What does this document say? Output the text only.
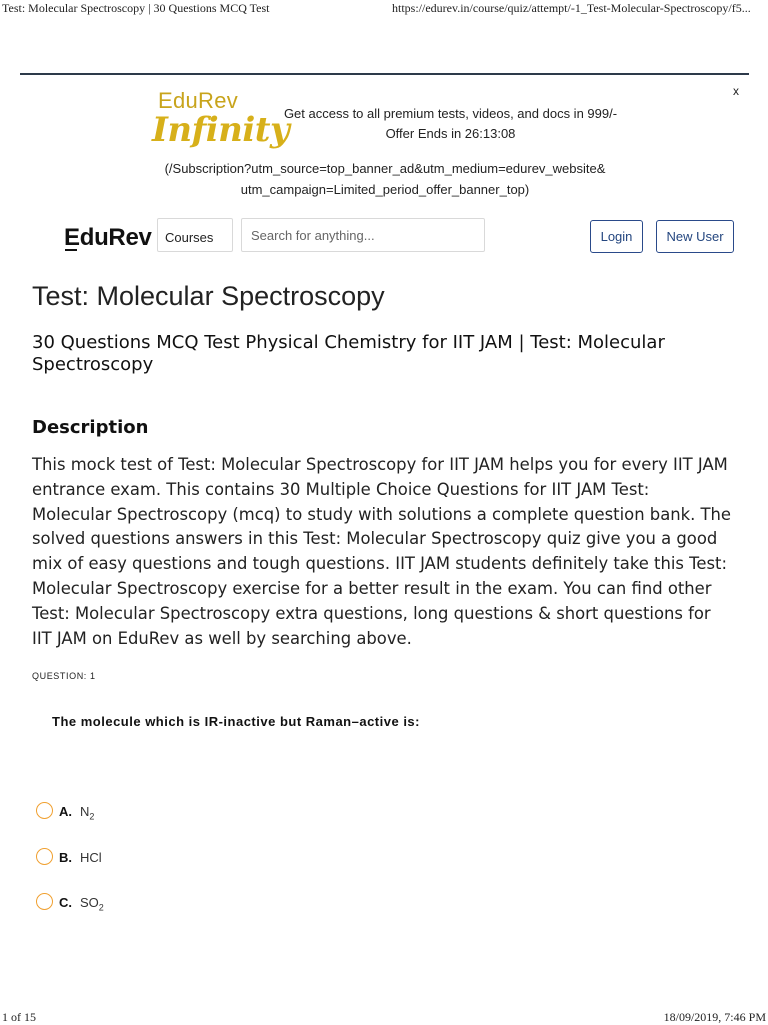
Test: Molecular Spectroscopy | 30 Questions MCQ Test	https://edurev.in/course/quiz/attempt/-1_Test-Molecular-Spectroscopy/f5...
EduRev
Infinity
Get access to all premium tests, videos, and docs in 999/-
Offer Ends in 26:13:08
(/Subscription?utm_source=top_banner_ad&utm_medium=edurev_website&
utm_campaign=Limited_period_offer_banner_top)
x
EduRev	Courses
Search for anything...	Login	New User
Test: Molecular Spectroscopy
30 Questions MCQ Test Physical Chemistry for IIT JAM | Test: Molecular Spectroscopy
Description

This mock test of Test: Molecular Spectroscopy for IIT JAM helps you for every IIT JAM entrance exam. This contains 30 Multiple Choice Questions for IIT JAM Test: Molecular Spectroscopy (mcq) to study with solutions a complete question bank. The solved questions answers in this Test: Molecular Spectroscopy quiz give you a good mix of easy questions and tough questions. IIT JAM students definitely take this Test: Molecular Spectroscopy exercise for a better result in the exam. You can find other Test: Molecular Spectroscopy extra questions, long questions & short questions for IIT JAM on EduRev as well by searching above.

QUESTION: 1
The molecule which is IR-inactive but Raman–active is:
A. $N_2$
B. HCl
C. $SO_2$
1 of 15	18/09/2019, 7:46 PM
